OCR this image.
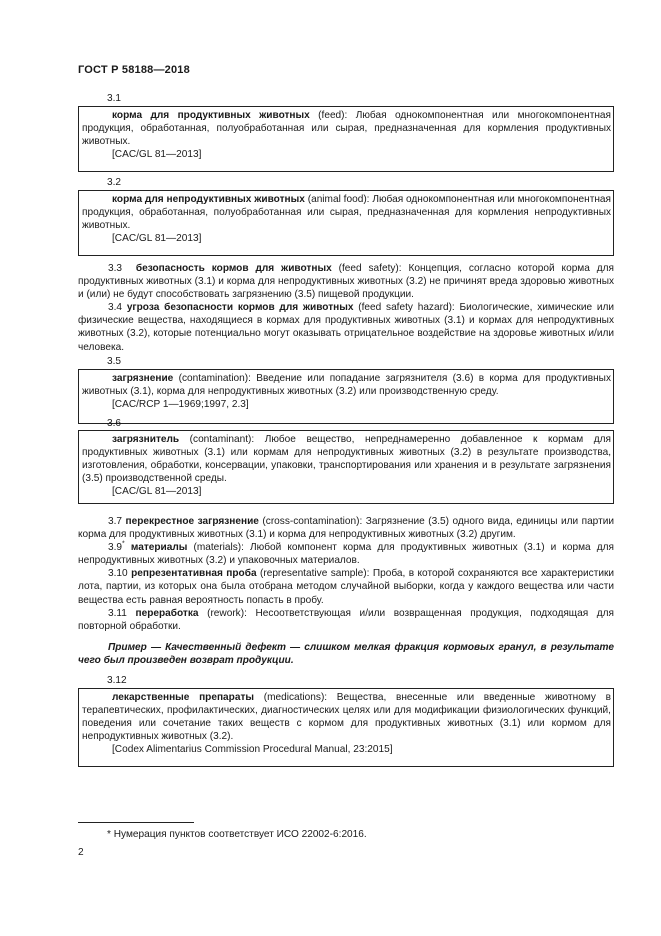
ГОСТ Р 58188—2018
3.1

корма для продуктивных животных (feed): Любая однокомпонентная или многокомпонентная продукция, обработанная, полуобработанная или сырая, предназначенная для кормления продуктивных животных.

[CAC/GL 81—2013]

3.2

корма для непродуктивных животных (animal food): Любая однокомпонентная или многокомпонентная продукция, обработанная, полуобработанная или сырая, предназначенная для кормления непродуктивных животных.

[CAC/GL 81—2013]

3.3 безопасность кормов для животных (feed safety): Концепция, согласно которой корма для продуктивных животных (3.1) и корма для непродуктивных животных (3.2) не причинят вреда здоровью животных и (или) не будут способствовать загрязнению (3.5) пищевой продукции.

3.4 угроза безопасности кормов для животных (feed safety hazard): Биологические, химические или физические вещества, находящиеся в кормах для продуктивных животных (3.1) и кормах для непродуктивных животных (3.2), которые потенциально могут оказывать отрицательное воздействие на здоровье животных и/или человека.

3.5

загрязнение (contamination): Введение или попадание загрязнителя (3.6) в корма для продуктивных животных (3.1), корма для непродуктивных животных (3.2) или производственную среду.

[CAC/RCP 1—1969;1997, 2.3]

3.6

загрязнитель (contaminant): Любое вещество, непреднамеренно добавленное к кормам для продуктивных животных (3.1) или кормам для непродуктивных животных (3.2) в результате производства, изготовления, обработки, консервации, упаковки, транспортирования или хранения и в результате загрязнения (3.5) производственной среды.

[CAC/GL 81—2013]

3.7 перекрестное загрязнение (cross-contamination): Загрязнение (3.5) одного вида, единицы или партии корма для продуктивных животных (3.1) и корма для непродуктивных животных (3.2) другим.

3.9* материалы (materials): Любой компонент корма для продуктивных животных (3.1) и корма для непродуктивных животных (3.2) и упаковочных материалов.

3.10 репрезентативная проба (representative sample): Проба, в которой сохраняются все характеристики лота, партии, из которых она была отобрана методом случайной выборки, когда у каждого вещества или части вещества есть равная вероятность попасть в пробу.

3.11 переработка (rework): Несоответствующая и/или возвращенная продукция, подходящая для повторной обработки.

Пример — Качественный дефект — слишком мелкая фракция кормовых гранул, в результате чего был произведен возврат продукции.

3.12

лекарственные препараты (medications): Вещества, внесенные или введенные животному в терапевтических, профилактических, диагностических целях или для модификации физиологических функций, поведения или сочетание таких веществ с кормом для продуктивных животных (3.1) или кормом для непродуктивных животных (3.2).

[Codex Alimentarius Commission Procedural Manual, 23:2015]

* Нумерация пунктов соответствует ИСО 22002-6:2016.
2
